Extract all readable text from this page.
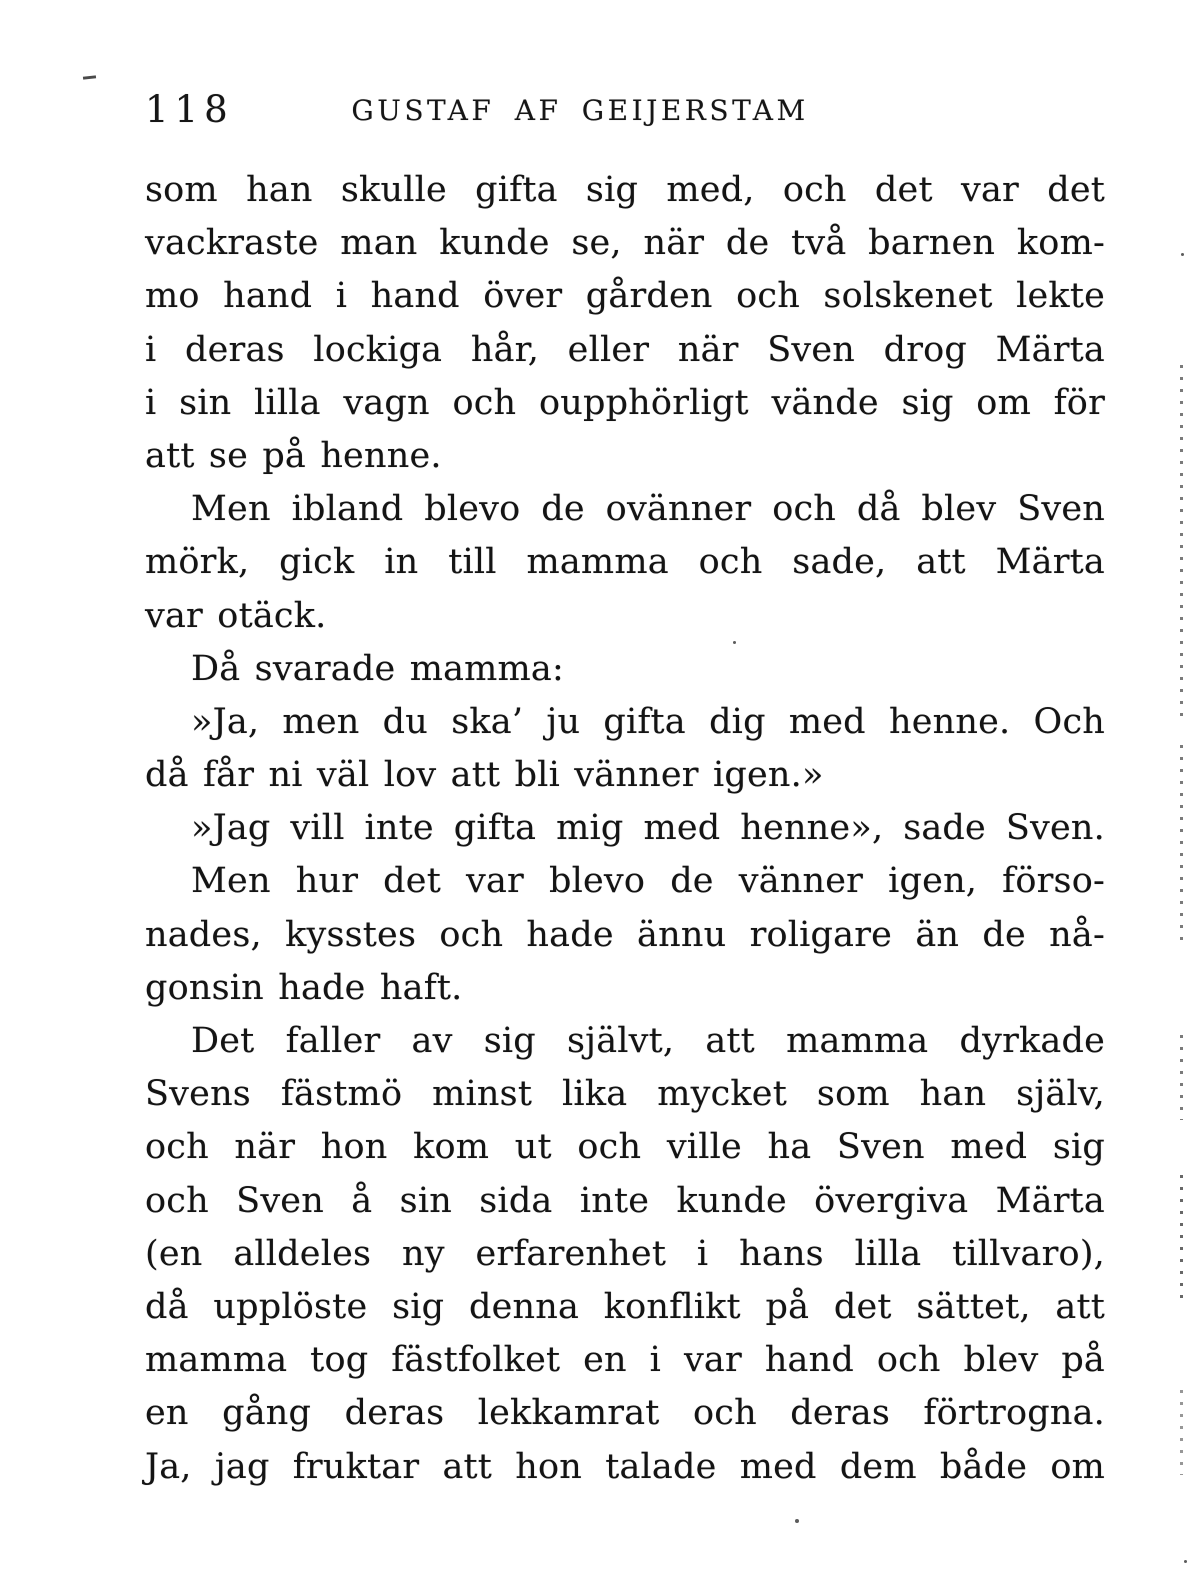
118	GUSTAF AF GEIJERSTAM
som han skulle gifta sig med, och det var det
vackraste man kunde se, när de två barnen kom-
mo hand i hand över gården och solskenet lekte
i deras lockiga hår, eller när Sven drog Märta
i sin lilla vagn och oupphörligt vände sig om för
att se på henne.
Men ibland blevo de ovänner och då blev Sven
mörk, gick in till mamma och sade, att Märta
var otäck.
Då svarade mamma:
»Ja, men du ska’ ju gifta dig med henne. Och
då får ni väl lov att bli vänner igen.»
»Jag vill inte gifta mig med henne», sade Sven.
Men hur det var blevo de vänner igen, förso-
nades, kysstes och hade ännu roligare än de nå-
gonsin hade haft.
Det faller av sig självt, att mamma dyrkade
Svens fästmö minst lika mycket som han själv,
och när hon kom ut och ville ha Sven med sig
och Sven å sin sida inte kunde övergiva Märta
(en alldeles ny erfarenhet i hans lilla tillvaro),
då upplöste sig denna konflikt på det sättet, att
mamma tog fästfolket en i var hand och blev på
en gång deras lekkamrat och deras förtrogna.
Ja, jag fruktar att hon talade med dem både om
